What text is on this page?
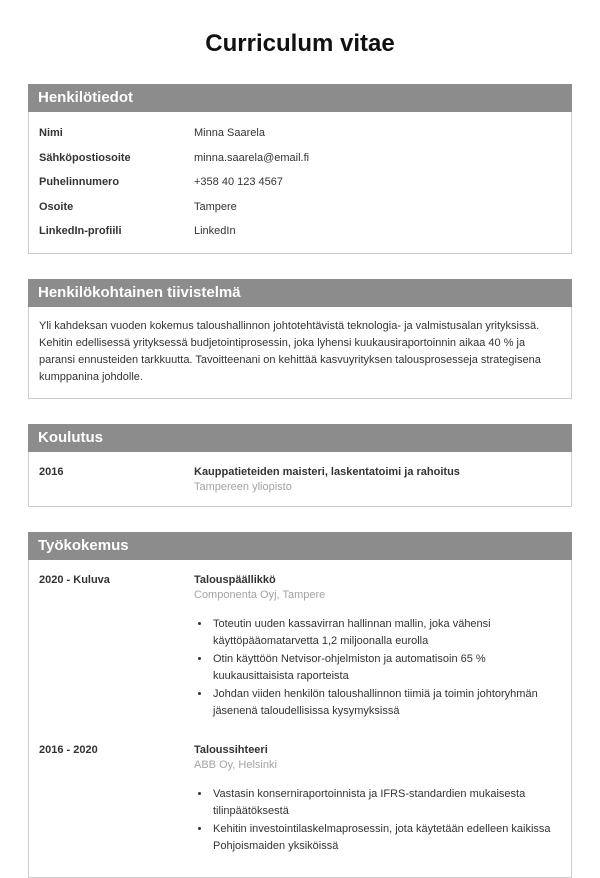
Curriculum vitae
Henkilötiedot
Nimi	Minna Saarela
Sähköpostiosoite	minna.saarela@email.fi
Puhelinnumero	+358 40 123 4567
Osoite	Tampere
LinkedIn-profiili	LinkedIn
Henkilökohtainen tiivistelmä

Yli kahdeksan vuoden kokemus taloushallinnon johtotehtävistä teknologia- ja valmistusalan yrityksissä. Kehitin edellisessä yrityksessä budjetointiprosessin, joka lyhensi kuukausiraportoinnin aikaa 40 % ja paransi ennusteiden tarkkuutta. Tavoitteenani on kehittää kasvuyrityksen talousprosesseja strategisena kumppanina johdolle.

Koulutus
2016	Kauppatieteiden maisteri, laskentatoimi ja rahoitus
Tampereen yliopisto
Työkokemus
2020 - Kuluva	Talouspäällikkö
Componenta Oyj, Tampere
• Toteutin uuden kassavirran hallinnan mallin, joka vähensi käyttöpääomatarvetta 1,2 miljoonalla eurolla
• Otin käyttöön Netvisor-ohjelmiston ja automatisoin 65 % kuukausittaisista raporteista
• Johdan viiden henkilön taloushallinnon tiimiä ja toimin johtoryhmän jäsenenä taloudellisissa kysymyksissä
2016 - 2020	Taloussihteeri
ABB Oy, Helsinki
• Vastasin konserniraportoinnista ja IFRS-standardien mukaisesta tilinpäätöksestä
• Kehitin investointilaskelmaprosessin, jota käytetään edelleen kaikissa Pohjoismaiden yksiköissä
